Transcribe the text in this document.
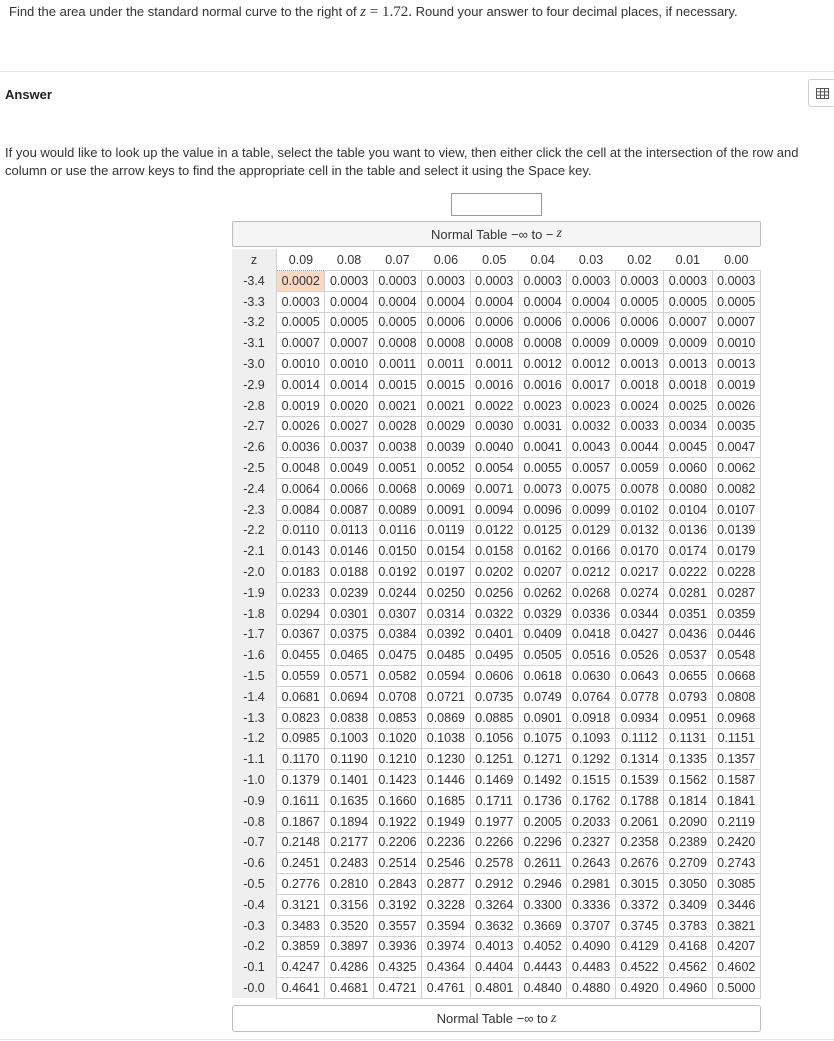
Find the area under the standard normal curve to the right of z = 1.72. Round your answer to four decimal places, if necessary.
Answer
If you would like to look up the value in a table, select the table you want to view, then either click the cell at the intersection of the row and column or use the arrow keys to find the appropriate cell in the table and select it using the Space key.
Normal Table −∞ to − z
z	0.09	0.08	0.07	0.06	0.05	0.04	0.03	0.02	0.01	0.00
-3.4	0.0002	0.0003	0.0003	0.0003	0.0003	0.0003	0.0003	0.0003	0.0003	0.0003
-3.3	0.0003	0.0004	0.0004	0.0004	0.0004	0.0004	0.0004	0.0005	0.0005	0.0005
-3.2	0.0005	0.0005	0.0005	0.0006	0.0006	0.0006	0.0006	0.0006	0.0007	0.0007
-3.1	0.0007	0.0007	0.0008	0.0008	0.0008	0.0008	0.0009	0.0009	0.0009	0.0010
-3.0	0.0010	0.0010	0.0011	0.0011	0.0011	0.0012	0.0012	0.0013	0.0013	0.0013
-2.9	0.0014	0.0014	0.0015	0.0015	0.0016	0.0016	0.0017	0.0018	0.0018	0.0019
-2.8	0.0019	0.0020	0.0021	0.0021	0.0022	0.0023	0.0023	0.0024	0.0025	0.0026
-2.7	0.0026	0.0027	0.0028	0.0029	0.0030	0.0031	0.0032	0.0033	0.0034	0.0035
-2.6	0.0036	0.0037	0.0038	0.0039	0.0040	0.0041	0.0043	0.0044	0.0045	0.0047
-2.5	0.0048	0.0049	0.0051	0.0052	0.0054	0.0055	0.0057	0.0059	0.0060	0.0062
-2.4	0.0064	0.0066	0.0068	0.0069	0.0071	0.0073	0.0075	0.0078	0.0080	0.0082
-2.3	0.0084	0.0087	0.0089	0.0091	0.0094	0.0096	0.0099	0.0102	0.0104	0.0107
-2.2	0.0110	0.0113	0.0116	0.0119	0.0122	0.0125	0.0129	0.0132	0.0136	0.0139
-2.1	0.0143	0.0146	0.0150	0.0154	0.0158	0.0162	0.0166	0.0170	0.0174	0.0179
-2.0	0.0183	0.0188	0.0192	0.0197	0.0202	0.0207	0.0212	0.0217	0.0222	0.0228
-1.9	0.0233	0.0239	0.0244	0.0250	0.0256	0.0262	0.0268	0.0274	0.0281	0.0287
-1.8	0.0294	0.0301	0.0307	0.0314	0.0322	0.0329	0.0336	0.0344	0.0351	0.0359
-1.7	0.0367	0.0375	0.0384	0.0392	0.0401	0.0409	0.0418	0.0427	0.0436	0.0446
-1.6	0.0455	0.0465	0.0475	0.0485	0.0495	0.0505	0.0516	0.0526	0.0537	0.0548
-1.5	0.0559	0.0571	0.0582	0.0594	0.0606	0.0618	0.0630	0.0643	0.0655	0.0668
-1.4	0.0681	0.0694	0.0708	0.0721	0.0735	0.0749	0.0764	0.0778	0.0793	0.0808
-1.3	0.0823	0.0838	0.0853	0.0869	0.0885	0.0901	0.0918	0.0934	0.0951	0.0968
-1.2	0.0985	0.1003	0.1020	0.1038	0.1056	0.1075	0.1093	0.1112	0.1131	0.1151
-1.1	0.1170	0.1190	0.1210	0.1230	0.1251	0.1271	0.1292	0.1314	0.1335	0.1357
-1.0	0.1379	0.1401	0.1423	0.1446	0.1469	0.1492	0.1515	0.1539	0.1562	0.1587
-0.9	0.1611	0.1635	0.1660	0.1685	0.1711	0.1736	0.1762	0.1788	0.1814	0.1841
-0.8	0.1867	0.1894	0.1922	0.1949	0.1977	0.2005	0.2033	0.2061	0.2090	0.2119
-0.7	0.2148	0.2177	0.2206	0.2236	0.2266	0.2296	0.2327	0.2358	0.2389	0.2420
-0.6	0.2451	0.2483	0.2514	0.2546	0.2578	0.2611	0.2643	0.2676	0.2709	0.2743
-0.5	0.2776	0.2810	0.2843	0.2877	0.2912	0.2946	0.2981	0.3015	0.3050	0.3085
-0.4	0.3121	0.3156	0.3192	0.3228	0.3264	0.3300	0.3336	0.3372	0.3409	0.3446
-0.3	0.3483	0.3520	0.3557	0.3594	0.3632	0.3669	0.3707	0.3745	0.3783	0.3821
-0.2	0.3859	0.3897	0.3936	0.3974	0.4013	0.4052	0.4090	0.4129	0.4168	0.4207
-0.1	0.4247	0.4286	0.4325	0.4364	0.4404	0.4443	0.4483	0.4522	0.4562	0.4602
-0.0	0.4641	0.4681	0.4721	0.4761	0.4801	0.4840	0.4880	0.4920	0.4960	0.5000
Normal Table −∞ to z
